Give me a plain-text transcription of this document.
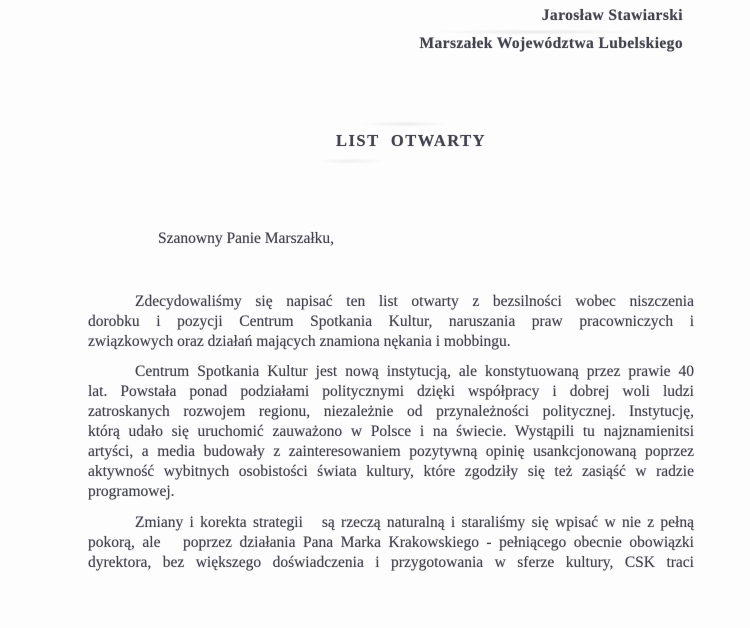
Jarosław Stawiarski
Marszałek Województwa Lubelskiego
LIST  OTWARTY
Szanowny Panie Marszałku,
Zdecydowaliśmy się napisać ten list otwarty z bezsilności wobec niszczenia
dorobku i pozycji Centrum Spotkania Kultur, naruszania praw pracowniczych i
związkowych oraz działań mających znamiona nękania i mobbingu.
Centrum Spotkania Kultur jest nową instytucją, ale konstytuowaną przez prawie 40
lat. Powstała ponad podziałami politycznymi dzięki współpracy i dobrej woli ludzi
zatroskanych rozwojem regionu, niezależnie od przynależności politycznej. Instytucję,
którą udało się uruchomić zauważono w Polsce i na świecie. Wystąpili tu najznamienitsi
artyści, a media budowały z zainteresowaniem pozytywną opinię usankcjonowaną poprzez
aktywność wybitnych osobistości świata kultury, które zgodziły się też zasiąść w radzie
programowej.
Zmiany i korekta strategii   są rzeczą naturalną i staraliśmy się wpisać w nie z pełną
pokorą, ale   poprzez działania Pana Marka Krakowskiego - pełniącego obecnie obowiązki
dyrektora, bez większego doświadczenia i przygotowania w sferze kultury, CSK traci
